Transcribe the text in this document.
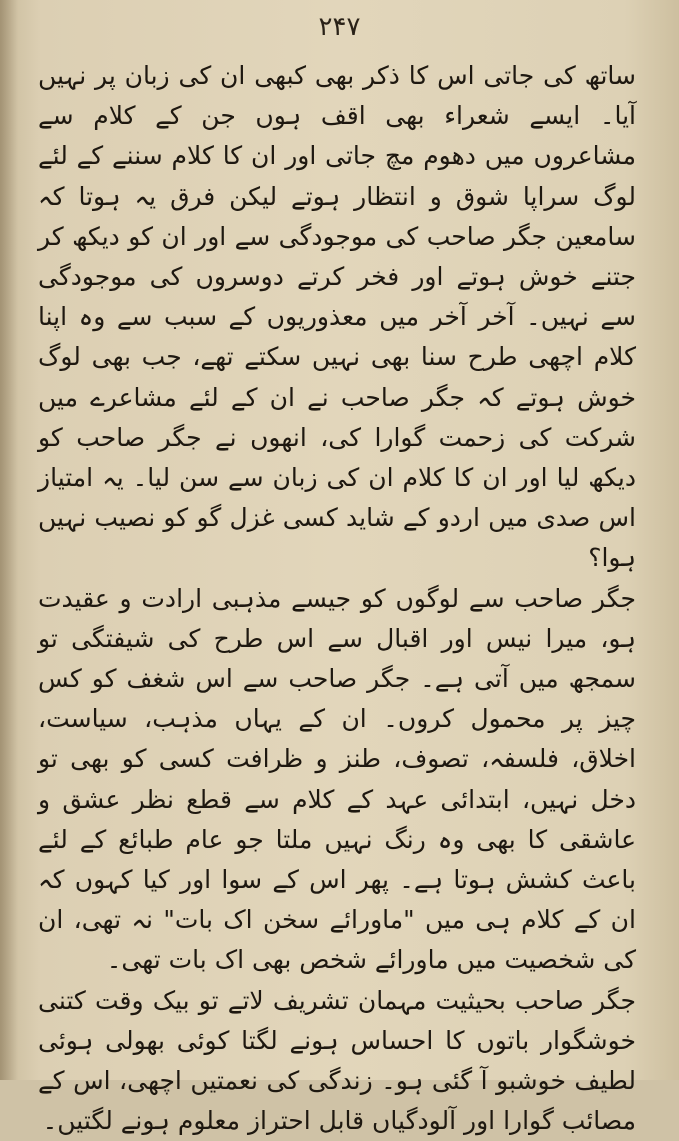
۲۴۷

ساتھ کی جاتی اس کا ذکر بھی کبھی ان کی زبان پر نہیں آیا۔ ایسے شعراء بھی اقف ہوں جن کے کلام سے مشاعروں میں دھوم مچ جاتی اور ان کا کلام سننے کے لئے لوگ سراپا شوق و انتظار ہوتے لیکن فرق یہ ہوتا کہ سامعین جگر صاحب کی موجودگی سے اور ان کو دیکھ کر جتنے خوش ہوتے اور فخر کرتے دوسروں کی موجودگی سے نہیں۔ آخر آخر میں معذوریوں کے سبب سے وہ اپنا کلام اچھی طرح سنا بھی نہیں سکتے تھے، جب بھی لوگ خوش ہوتے کہ جگر صاحب نے ان کے لئے مشاعرے میں شرکت کی زحمت گوارا کی، انھوں نے جگر صاحب کو دیکھ لیا اور ان کا کلام ان کی زبان سے سن لیا۔ یہ امتیاز اس صدی میں اردو کے شاید کسی غزل گو کو نصیب نہیں ہوا؟

جگر صاحب سے لوگوں کو جیسے مذہبی ارادت و عقیدت ہو، میرا نیس اور اقبال سے اس طرح کی شیفتگی تو سمجھ میں آتی ہے۔ جگر صاحب سے اس شغف کو کس چیز پر محمول کروں۔ ان کے یہاں مذہب، سیاست، اخلاق، فلسفہ، تصوف، طنز و ظرافت کسی کو بھی تو دخل نہیں، ابتدائی عہد کے کلام سے قطع نظر عشق و عاشقی کا بھی وہ رنگ نہیں ملتا جو عام طبائع کے لئے باعث کشش ہوتا ہے۔ پھر اس کے سوا اور کیا کہوں کہ ان کے کلام ہی میں "ماورائے سخن اک بات" نہ تھی، ان کی شخصیت میں ماورائے شخص بھی اک بات تھی۔

جگر صاحب بحیثیت مہمان تشریف لاتے تو بیک وقت کتنی خوشگوار باتوں کا احساس ہونے لگتا کوئی بھولی ہوئی لطیف خوشبو آ گئی ہو۔ زندگی کی نعمتیں اچھی، اس کے مصائب گوارا اور آلودگیاں قابل احتراز معلوم ہونے لگتیں۔
